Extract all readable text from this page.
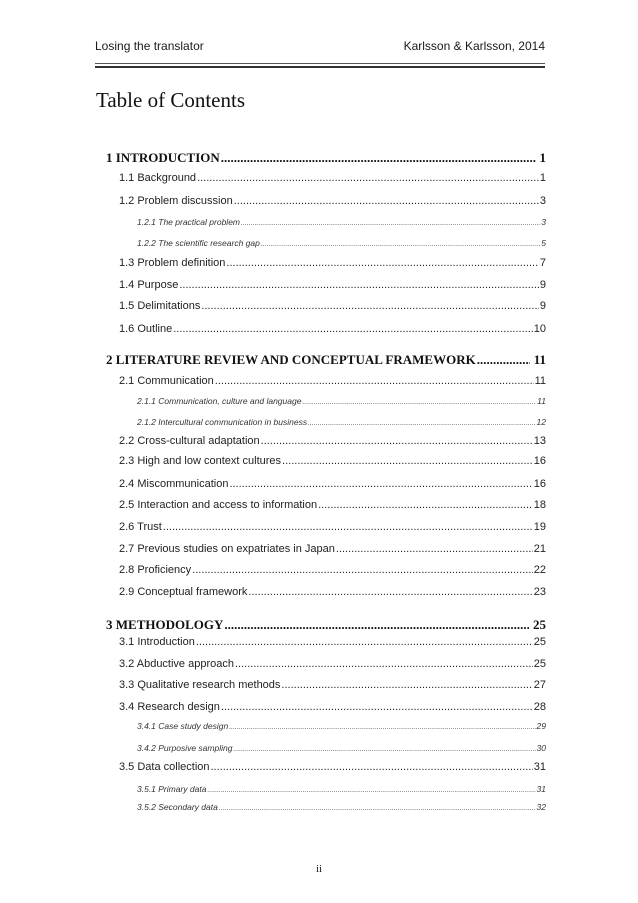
Losing the translator	Karlsson & Karlsson, 2014
Table of Contents
1 INTRODUCTION .....	1
1.1 Background .....	1
1.2 Problem discussion .....	3
1.2.1 The practical problem .....	3
1.2.2 The scientific research gap .....	5
1.3 Problem definition .....	7
1.4 Purpose .....	9
1.5 Delimitations .....	9
1.6 Outline .....	10
2 LITERATURE REVIEW AND CONCEPTUAL FRAMEWORK .....	11
2.1 Communication .....	11
2.1.1 Communication, culture and language .....	11
2.1.2 Intercultural communication in business .....	12
2.2 Cross-cultural adaptation .....	13
2.3 High and low context cultures .....	16
2.4 Miscommunication .....	16
2.5 Interaction and access to information .....	18
2.6 Trust .....	19
2.7 Previous studies on expatriates in Japan .....	21
2.8 Proficiency .....	22
2.9 Conceptual framework .....	23
3 METHODOLOGY .....	25
3.1 Introduction .....	25
3.2 Abductive approach .....	25
3.3 Qualitative research methods .....	27
3.4 Research design .....	28
3.4.1 Case study design .....	29
3.4.2 Purposive sampling .....	30
3.5 Data collection .....	31
3.5.1 Primary data .....	31
3.5.2 Secondary data .....	32
ii
